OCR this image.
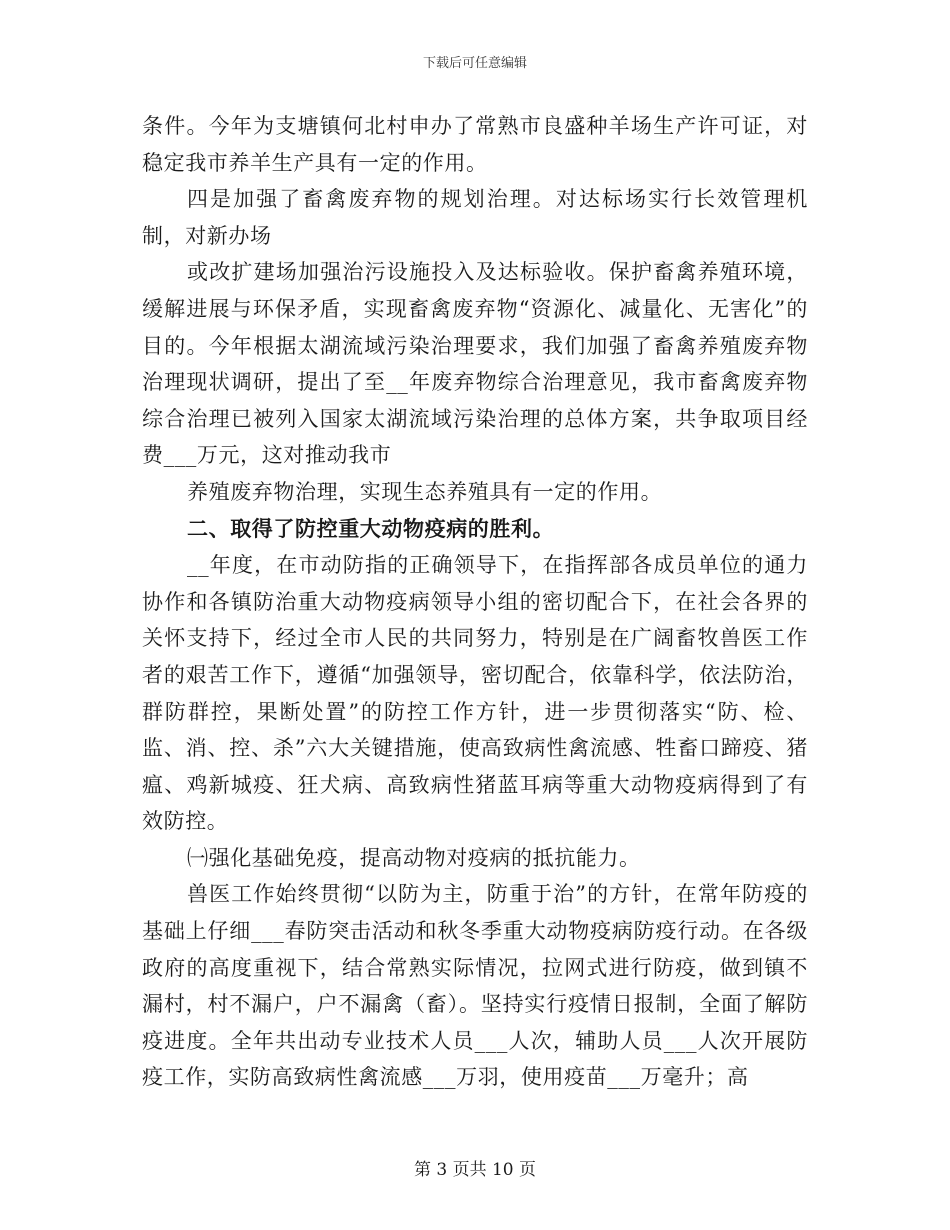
下载后可任意编辑

条件。今年为支塘镇何北村申办了常熟市良盛种羊场生产许可证，对稳定我市养羊生产具有一定的作用。

四是加强了畜禽废弃物的规划治理。对达标场实行长效管理机制，对新办场

或改扩建场加强治污设施投入及达标验收。保护畜禽养殖环境，缓解进展与环保矛盾，实现畜禽废弃物“资源化、减量化、无害化”的目的。今年根据太湖流域污染治理要求，我们加强了畜禽养殖废弃物治理现状调研，提出了至__年废弃物综合治理意见，我市畜禽废弃物综合治理已被列入国家太湖流域污染治理的总体方案，共争取项目经费___万元，这对推动我市

养殖废弃物治理，实现生态养殖具有一定的作用。

二、取得了防控重大动物疫病的胜利。

__年度，在市动防指的正确领导下，在指挥部各成员单位的通力协作和各镇防治重大动物疫病领导小组的密切配合下，在社会各界的关怀支持下，经过全市人民的共同努力，特别是在广阔畜牧兽医工作者的艰苦工作下，遵循“加强领导，密切配合，依靠科学，依法防治，群防群控，果断处置”的防控工作方针，进一步贯彻落实“防、检、监、消、控、杀”六大关键措施，使高致病性禽流感、牲畜口蹄疫、猪瘟、鸡新城疫、狂犬病、高致病性猪蓝耳病等重大动物疫病得到了有效防控。

㈠强化基础免疫，提高动物对疫病的抵抗能力。

兽医工作始终贯彻“以防为主，防重于治”的方针，在常年防疫的基础上仔细___春防突击活动和秋冬季重大动物疫病防疫行动。在各级政府的高度重视下，结合常熟实际情况，拉网式进行防疫，做到镇不漏村，村不漏户，户不漏禽（畜）。坚持实行疫情日报制，全面了解防疫进度。全年共出动专业技术人员___人次，辅助人员___人次开展防疫工作，实防高致病性禽流感___万羽，使用疫苗___万毫升；高

第 3 页共 10 页
